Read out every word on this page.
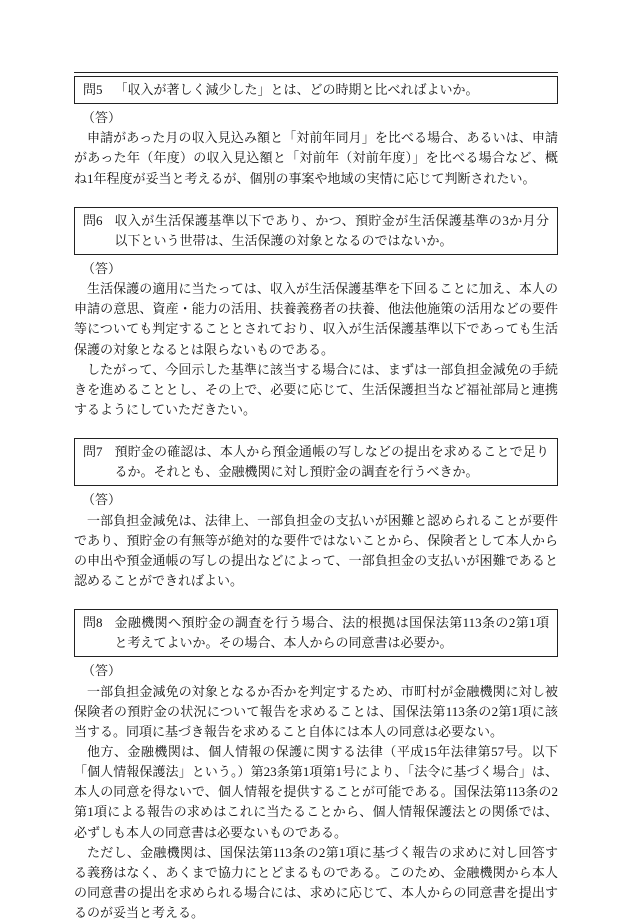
問5 「収入が著しく減少した」とは、どの時期と比べればよいか。
（答）

申請があった月の収入見込み額と「対前年同月」を比べる場合、あるいは、申請があった年（年度）の収入見込額と「対前年（対前年度）」を比べる場合など、概ね1年程度が妥当と考えるが、個別の事案や地域の実情に応じて判断されたい。

問6 収入が生活保護基準以下であり、かつ、預貯金が生活保護基準の3か月分以下という世帯は、生活保護の対象となるのではないか。
（答）

生活保護の適用に当たっては、収入が生活保護基準を下回ることに加え、本人の申請の意思、資産・能力の活用、扶養義務者の扶養、他法他施策の活用などの要件等についても判定することとされており、収入が生活保護基準以下であっても生活保護の対象となるとは限らないものである。

したがって、今回示した基準に該当する場合には、まずは一部負担金減免の手続きを進めることとし、その上で、必要に応じて、生活保護担当など福祉部局と連携するようにしていただきたい。

問7 預貯金の確認は、本人から預金通帳の写しなどの提出を求めることで足りるか。それとも、金融機関に対し預貯金の調査を行うべきか。
（答）

一部負担金減免は、法律上、一部負担金の支払いが困難と認められることが要件であり、預貯金の有無等が絶対的な要件ではないことから、保険者として本人からの申出や預金通帳の写しの提出などによって、一部負担金の支払いが困難であると認めることができればよい。

問8 金融機関へ預貯金の調査を行う場合、法的根拠は国保法第113条の2第1項と考えてよいか。その場合、本人からの同意書は必要か。
（答）

一部負担金減免の対象となるか否かを判定するため、市町村が金融機関に対し被保険者の預貯金の状況について報告を求めることは、国保法第113条の2第1項に該当する。同項に基づき報告を求めること自体には本人の同意は必要ない。

他方、金融機関は、個人情報の保護に関する法律（平成15年法律第57号。以下「個人情報保護法」という。）第23条第1項第1号により、「法令に基づく場合」は、本人の同意を得ないで、個人情報を提供することが可能である。国保法第113条の2第1項による報告の求めはこれに当たることから、個人情報保護法との関係では、必ずしも本人の同意書は必要ないものである。

ただし、金融機関は、国保法第113条の2第1項に基づく報告の求めに対し回答する義務はなく、あくまで協力にとどまるものである。このため、金融機関から本人の同意書の提出を求められる場合には、求めに応じて、本人からの同意書を提出するのが妥当と考える。
